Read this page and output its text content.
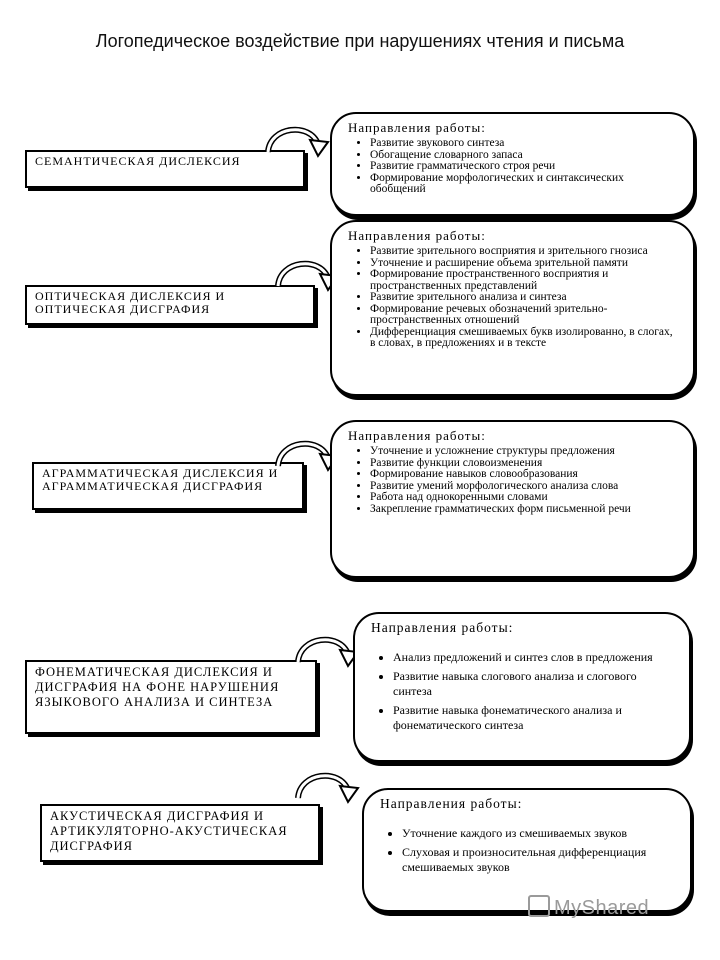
Логопедическое воздействие при нарушениях чтения и письма
СЕМАНТИЧЕСКАЯ ДИСЛЕКСИЯ
Направления работы:
• Развитие звукового синтеза
• Обогащение словарного запаса
• Развитие грамматического строя речи
• Формирование морфологических и синтаксических обобщений
ОПТИЧЕСКАЯ ДИСЛЕКСИЯ И ОПТИЧЕСКАЯ ДИСГРАФИЯ
Направления работы:
• Развитие зрительного восприятия и зрительного гнозиса
• Уточнение и расширение объема зрительной памяти
• Формирование пространственного восприятия и пространственных представлений
• Развитие зрительного анализа и синтеза
• Формирование речевых обозначений зрительно-пространственных отношений
• Дифференциация смешиваемых букв изолированно, в слогах, в словах, в предложениях и в тексте
АГРАММАТИЧЕСКАЯ ДИСЛЕКСИЯ И АГРАММАТИЧЕСКАЯ ДИСГРАФИЯ
Направления работы:
• Уточнение и усложнение структуры предложения
• Развитие функции словоизменения
• Формирование навыков словообразования
• Развитие умений морфологического анализа слова
• Работа над однокоренными словами
• Закрепление грамматических форм письменной речи
ФОНЕМАТИЧЕСКАЯ ДИСЛЕКСИЯ И ДИСГРАФИЯ НА ФОНЕ НАРУШЕНИЯ ЯЗЫКОВОГО АНАЛИЗА И СИНТЕЗА
Направления работы:
• Анализ предложений и синтез слов в предложения
• Развитие навыка слогового анализа и слогового синтеза
• Развитие навыка фонематического анализа и фонематического синтеза
АКУСТИЧЕСКАЯ ДИСГРАФИЯ И АРТИКУЛЯТОРНО-АКУСТИЧЕСКАЯ ДИСГРАФИЯ
Направления работы:
• Уточнение каждого из смешиваемых звуков
• Слуховая и произносительная дифференциация смешиваемых звуков
MyShared
